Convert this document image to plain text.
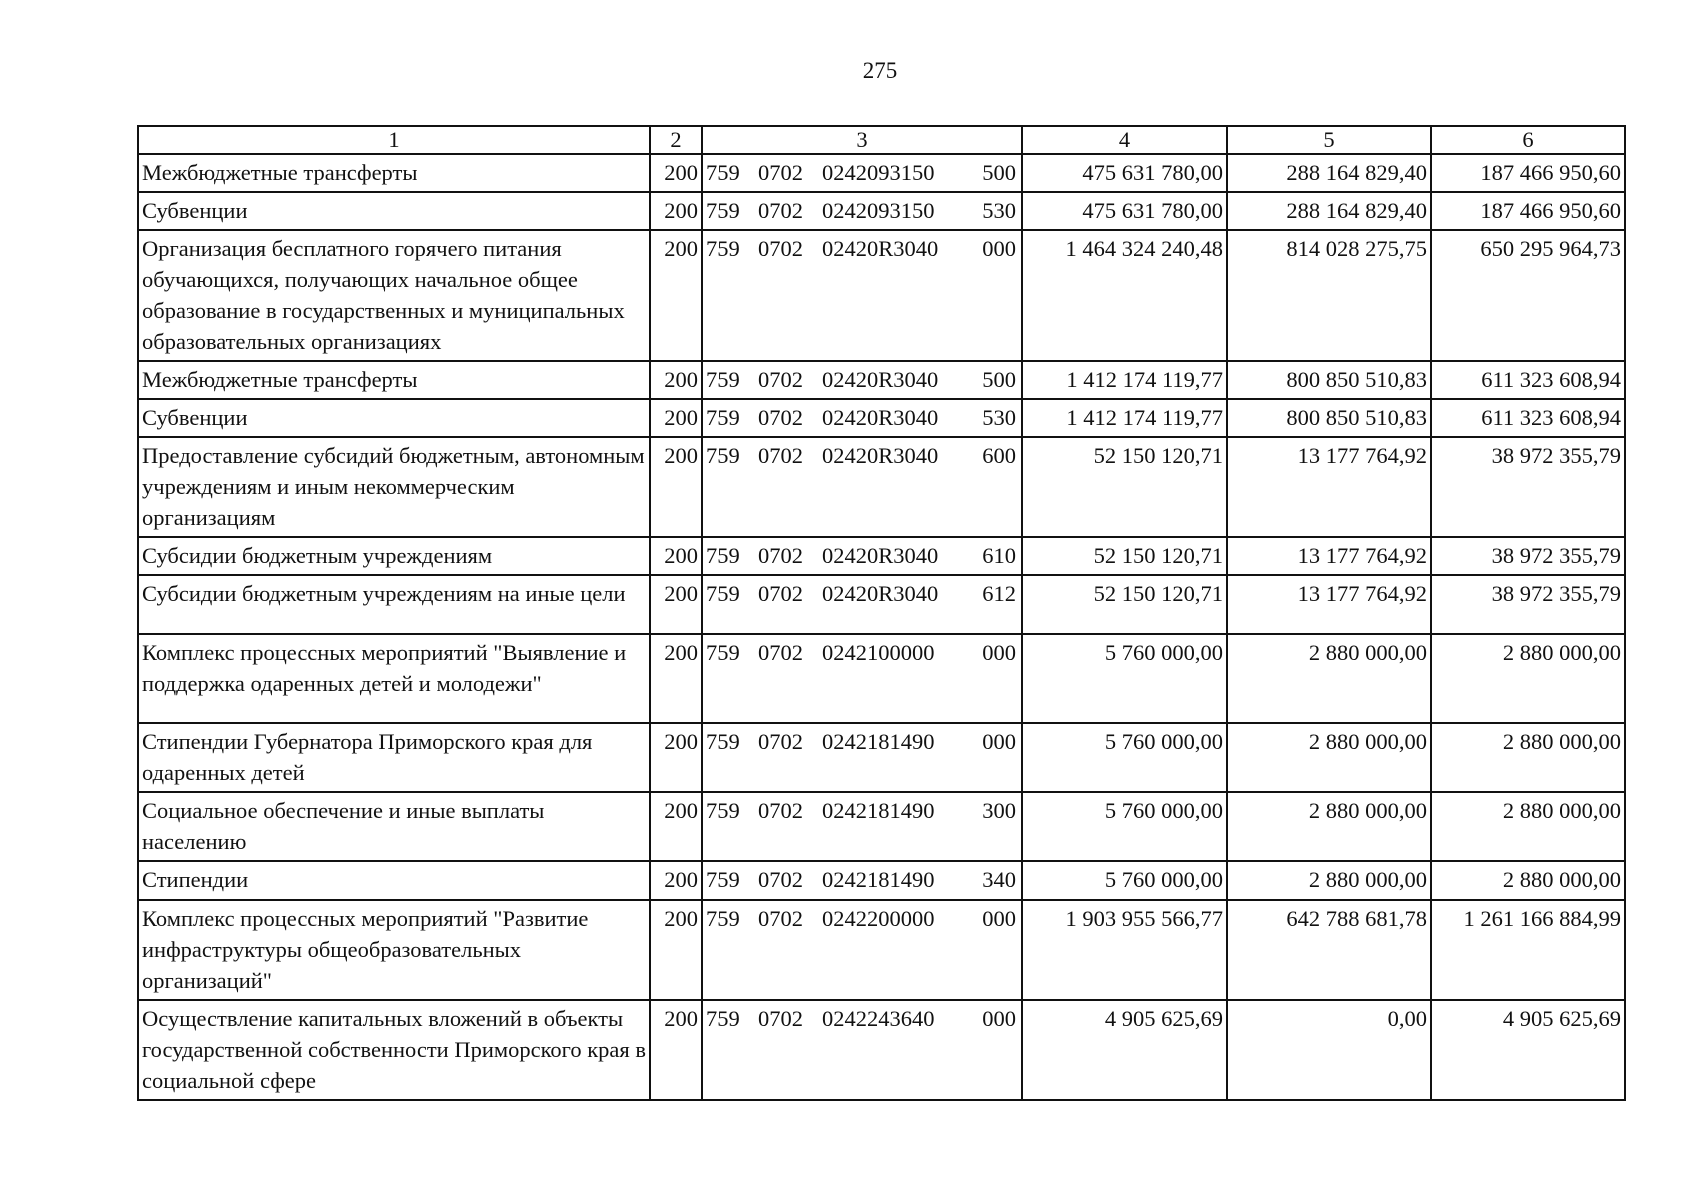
275
1	2	3	4	5	6
Межбюджетные трансферты	200	759 0702 0242093150 500	475 631 780,00	288 164 829,40	187 466 950,60
Субвенции	200	759 0702 0242093150 530	475 631 780,00	288 164 829,40	187 466 950,60
Организация бесплатного горячего питания обучающихся, получающих начальное общее образование в государственных и муниципальных образовательных организациях	200	759 0702 02420R3040 000	1 464 324 240,48	814 028 275,75	650 295 964,73
Межбюджетные трансферты	200	759 0702 02420R3040 500	1 412 174 119,77	800 850 510,83	611 323 608,94
Субвенции	200	759 0702 02420R3040 530	1 412 174 119,77	800 850 510,83	611 323 608,94
Предоставление субсидий бюджетным, автономным учреждениям и иным некоммерческим организациям	200	759 0702 02420R3040 600	52 150 120,71	13 177 764,92	38 972 355,79
Субсидии бюджетным учреждениям	200	759 0702 02420R3040 610	52 150 120,71	13 177 764,92	38 972 355,79
Субсидии бюджетным учреждениям на иные цели	200	759 0702 02420R3040 612	52 150 120,71	13 177 764,92	38 972 355,79
Комплекс процессных мероприятий "Выявление и поддержка одаренных детей и молодежи"	200	759 0702 0242100000 000	5 760 000,00	2 880 000,00	2 880 000,00
Стипендии Губернатора Приморского края для одаренных детей	200	759 0702 0242181490 000	5 760 000,00	2 880 000,00	2 880 000,00
Социальное обеспечение и иные выплаты населению	200	759 0702 0242181490 300	5 760 000,00	2 880 000,00	2 880 000,00
Стипендии	200	759 0702 0242181490 340	5 760 000,00	2 880 000,00	2 880 000,00
Комплекс процессных мероприятий "Развитие инфраструктуры общеобразовательных организаций"	200	759 0702 0242200000 000	1 903 955 566,77	642 788 681,78	1 261 166 884,99
Осуществление капитальных вложений в объекты государственной собственности Приморского края в социальной сфере	200	759 0702 0242243640 000	4 905 625,69	0,00	4 905 625,69
